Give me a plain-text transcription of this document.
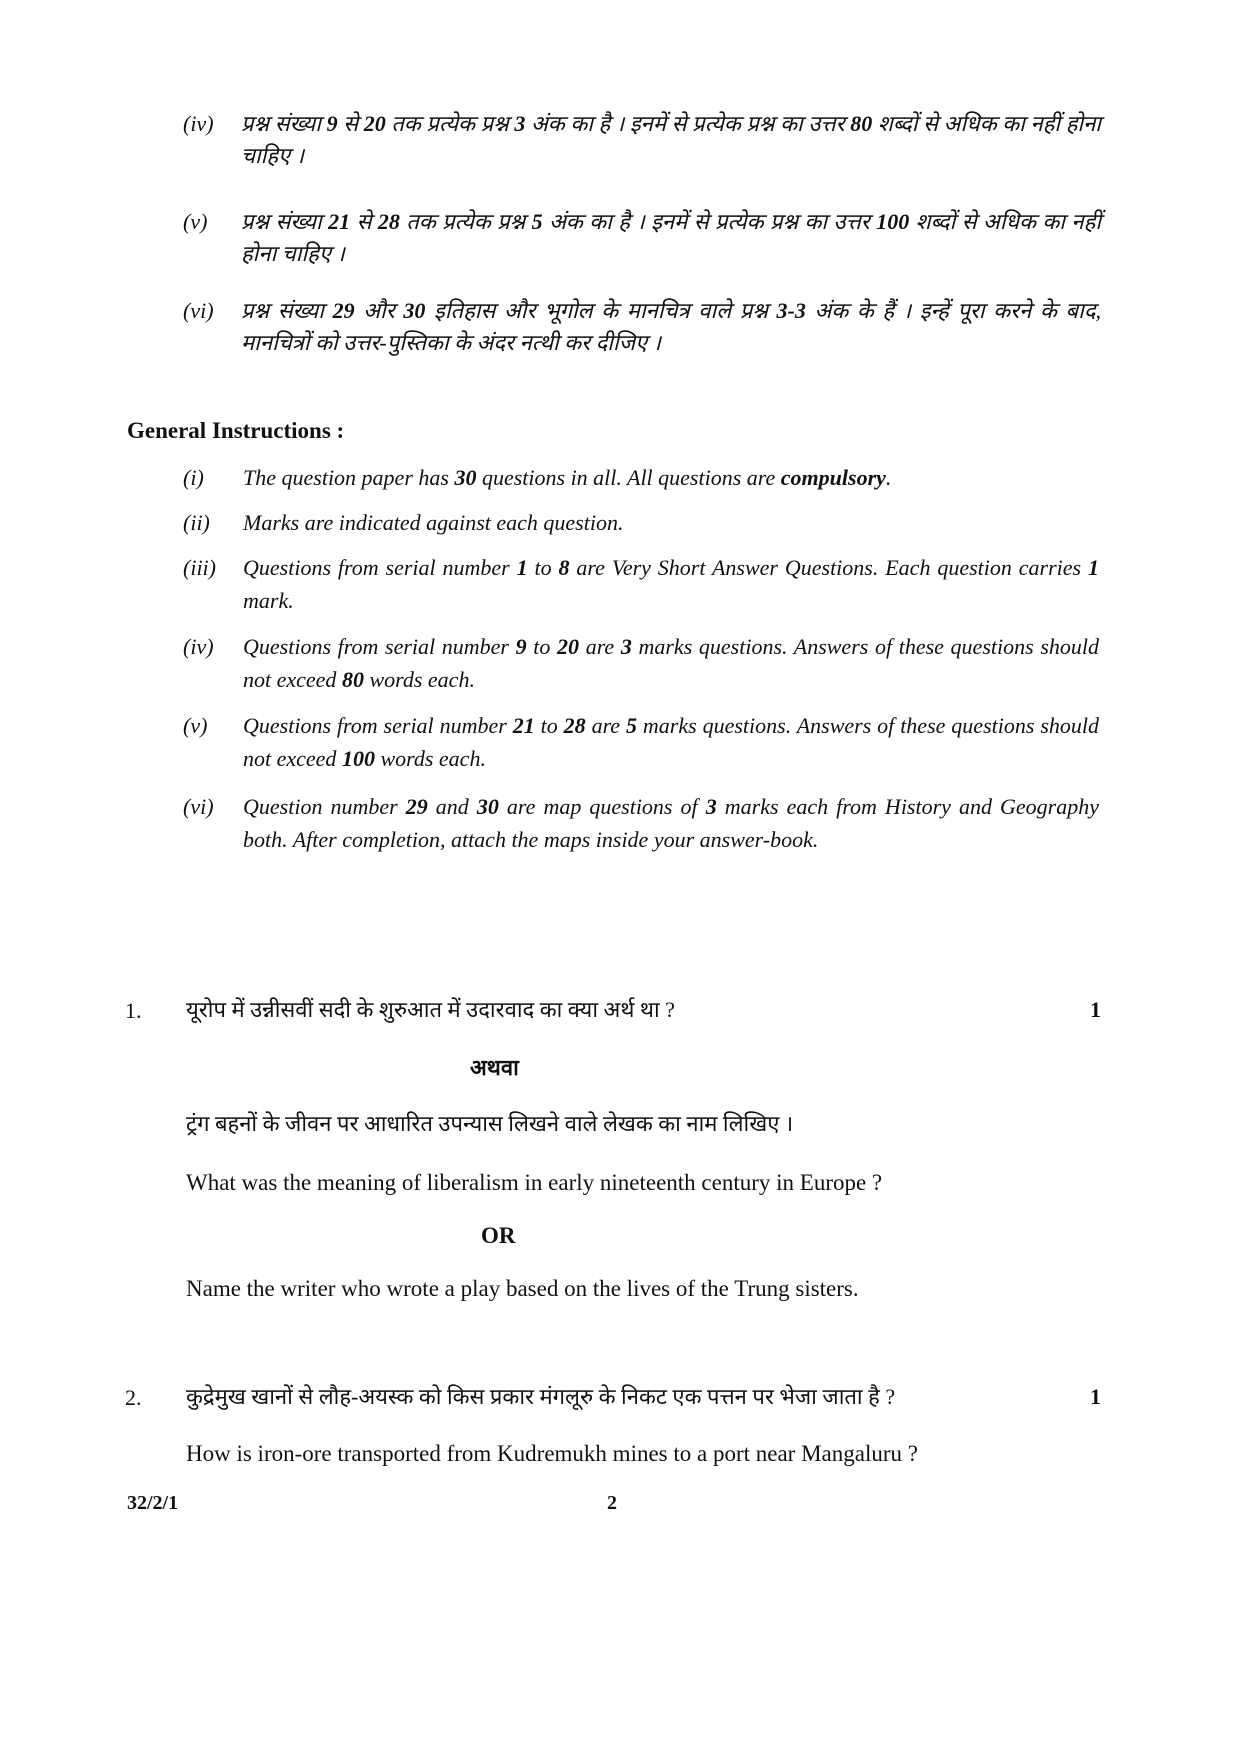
(iv) प्रश्न संख्या 9 से 20 तक प्रत्येक प्रश्न 3 अंक का है । इनमें से प्रत्येक प्रश्न का उत्तर 80 शब्दों से अधिक का नहीं होना चाहिए ।
(v) प्रश्न संख्या 21 से 28 तक प्रत्येक प्रश्न 5 अंक का है । इनमें से प्रत्येक प्रश्न का उत्तर 100 शब्दों से अधिक का नहीं होना चाहिए ।
(vi) प्रश्न संख्या 29 और 30 इतिहास और भूगोल के मानचित्र वाले प्रश्न 3-3 अंक के हैं । इन्हें पूरा करने के बाद, मानचित्रों को उत्तर-पुस्तिका के अंदर नत्थी कर दीजिए ।
General Instructions :
(i) The question paper has 30 questions in all. All questions are compulsory.
(ii) Marks are indicated against each question.
(iii) Questions from serial number 1 to 8 are Very Short Answer Questions. Each question carries 1 mark.
(iv) Questions from serial number 9 to 20 are 3 marks questions. Answers of these questions should not exceed 80 words each.
(v) Questions from serial number 21 to 28 are 5 marks questions. Answers of these questions should not exceed 100 words each.
(vi) Question number 29 and 30 are map questions of 3 marks each from History and Geography both. After completion, attach the maps inside your answer-book.
1. यूरोप में उन्नीसवीं सदी के शुरुआत में उदारवाद का क्या अर्थ था ?	1
अथवा
ट्रंग बहनों के जीवन पर आधारित उपन्यास लिखने वाले लेखक का नाम लिखिए ।
What was the meaning of liberalism in early nineteenth century in Europe ?
OR
Name the writer who wrote a play based on the lives of the Trung sisters.
2. कुद्रेमुख खानों से लौह-अयस्क को किस प्रकार मंगलूरु के निकट एक पत्तन पर भेजा जाता है ?	1
How is iron-ore transported from Kudremukh mines to a port near Mangaluru ?
32/2/1	2
